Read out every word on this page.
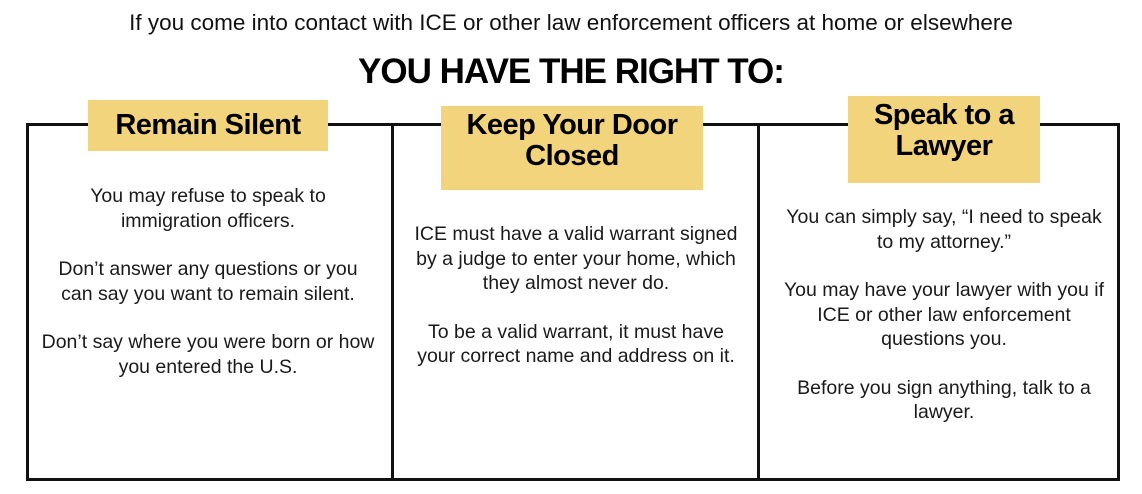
If you come into contact with ICE or other law enforcement officers at home or elsewhere
YOU HAVE THE RIGHT TO:
Remain Silent

You may refuse to speak to immigration officers.

Don’t answer any questions or you can say you want to remain silent.

Don’t say where you were born or how you entered the U.S.

Keep Your Door
Closed

ICE must have a valid warrant signed by a judge to enter your home, which they almost never do.

To be a valid warrant, it must have your correct name and address on it.

Speak to a
Lawyer

You can simply say, “I need to speak to my attorney.”

You may have your lawyer with you if ICE or other law enforcement questions you.

Before you sign anything, talk to a lawyer.
